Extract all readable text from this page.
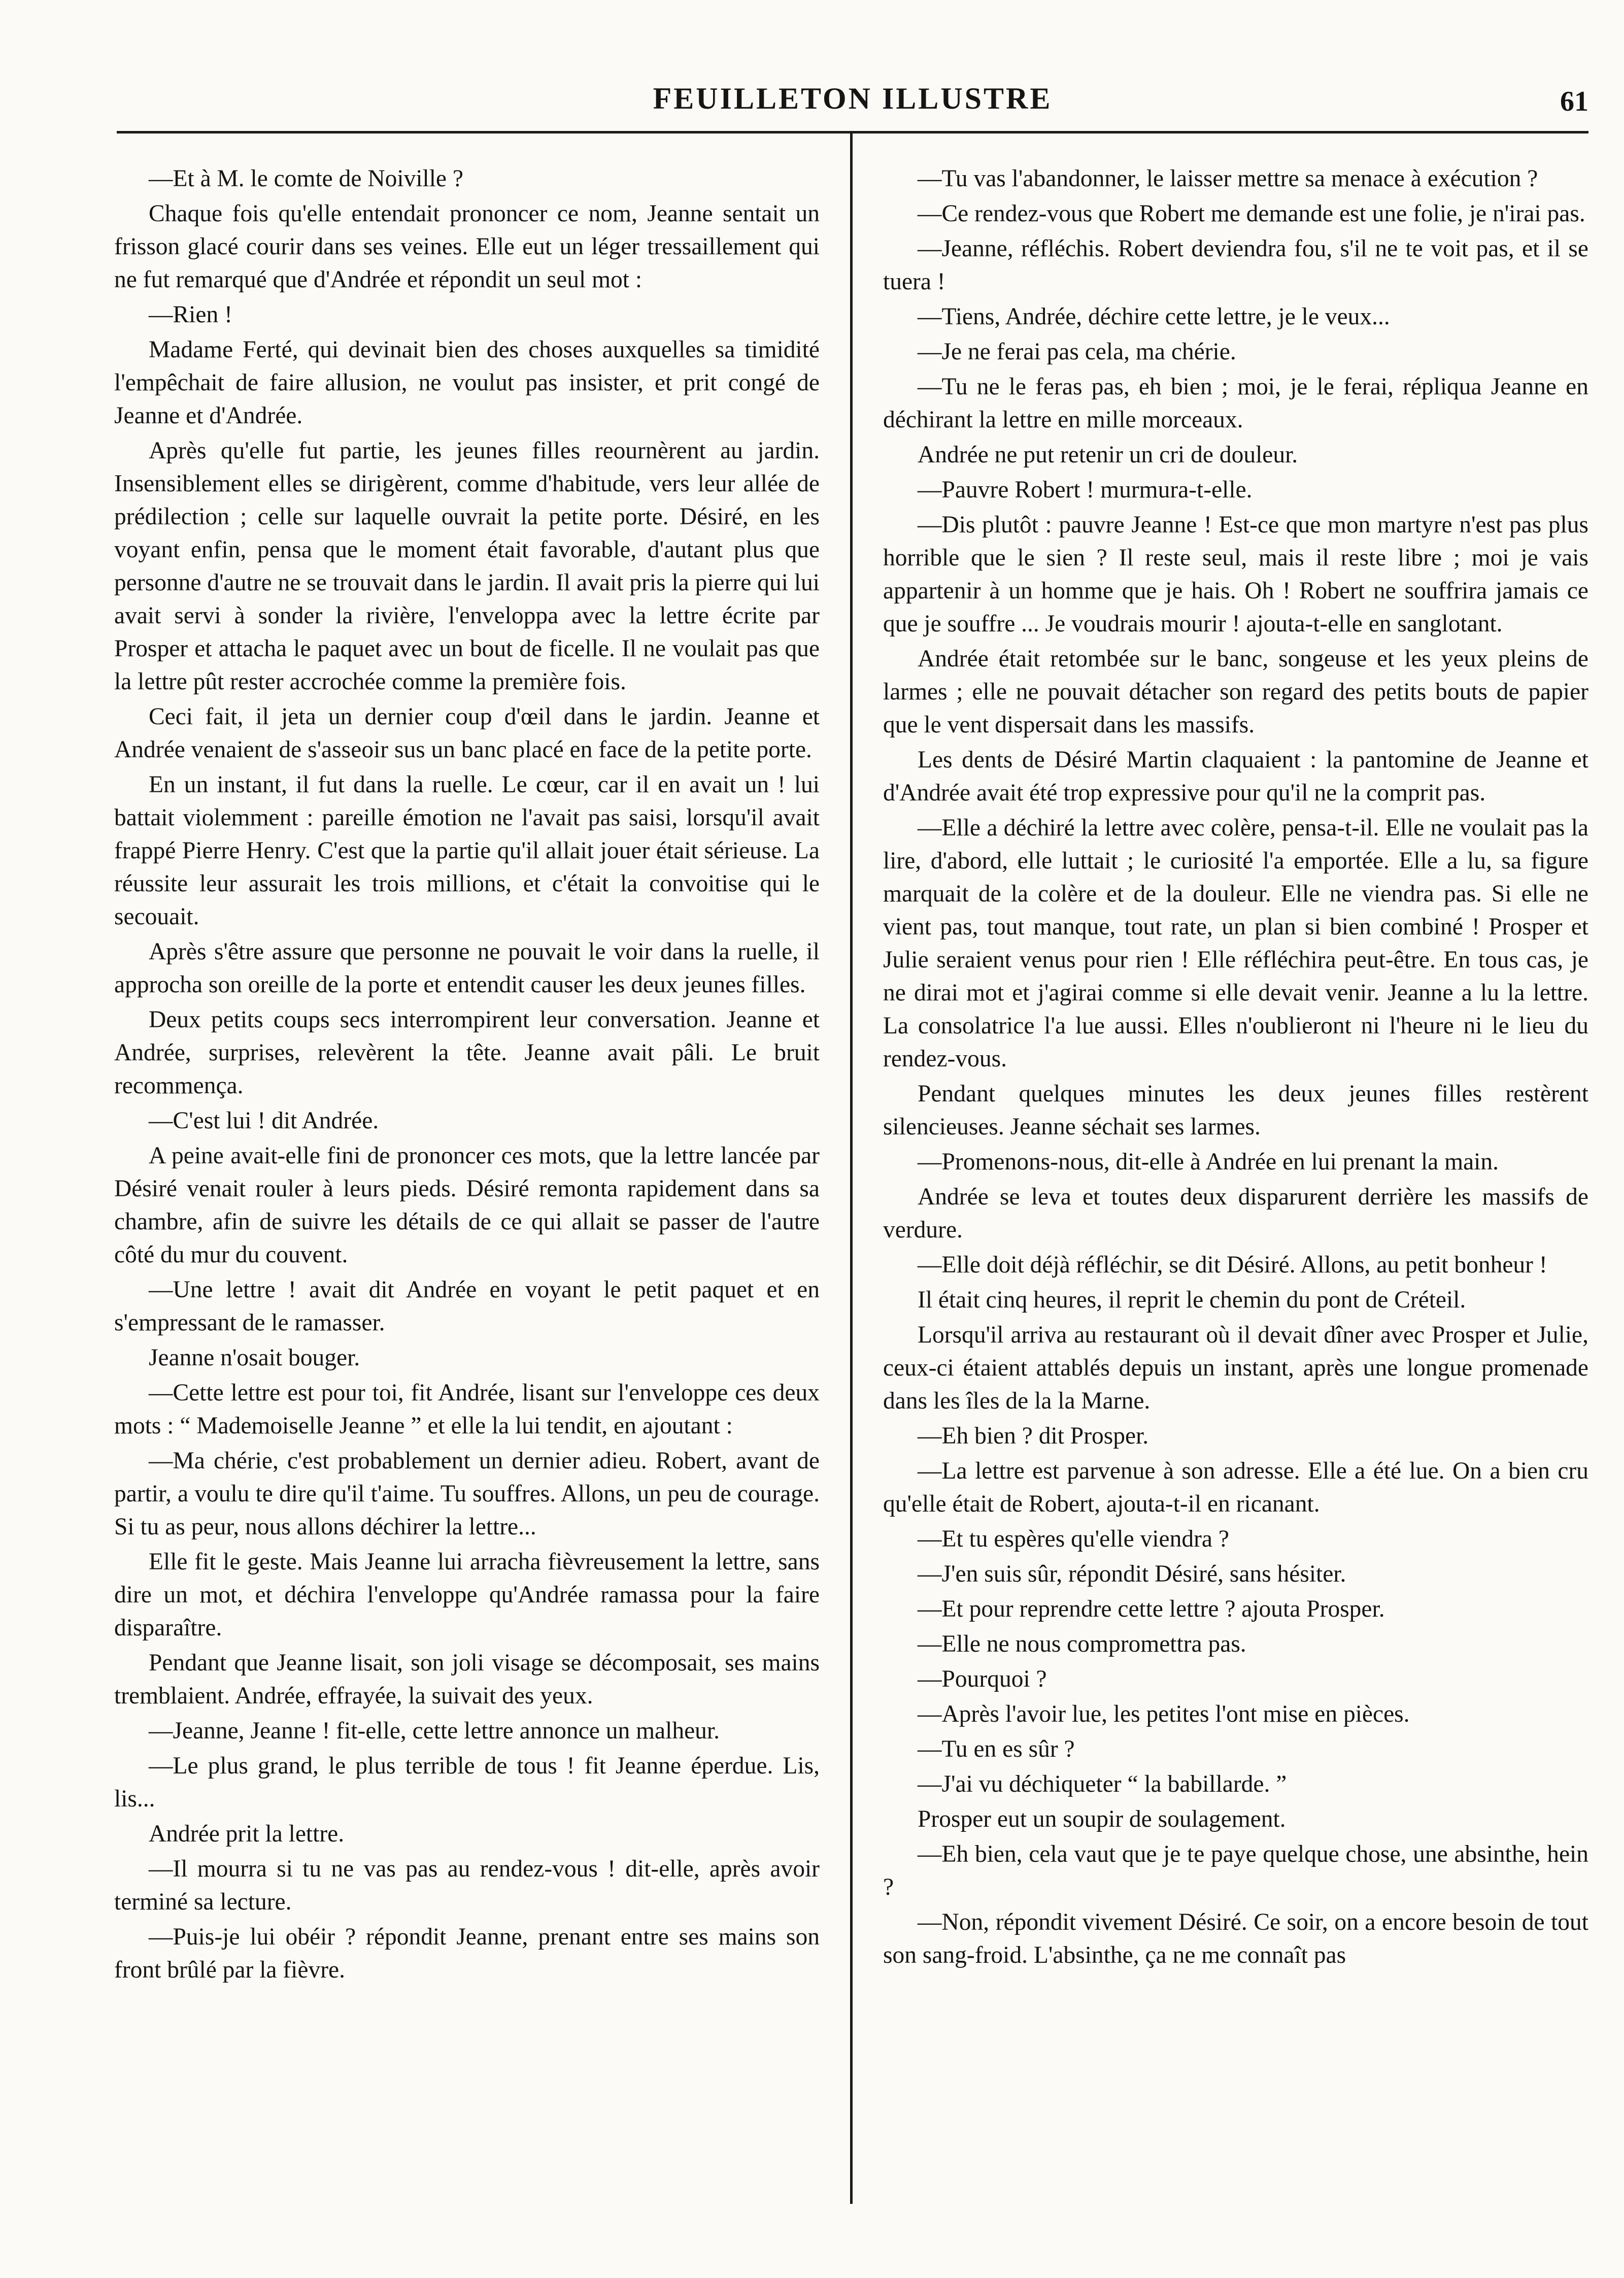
FEUILLETON ILLUSTRE	61

—Et à M. le comte de Noiville ?

Chaque fois qu'elle entendait prononcer ce nom, Jeanne sentait un frisson glacé courir dans ses veines. Elle eut un léger tressaillement qui ne fut remarqué que d'Andrée et répondit un seul mot :

—Rien !

Madame Ferté, qui devinait bien des choses auxquelles sa timidité l'empêchait de faire allusion, ne voulut pas insister, et prit congé de Jeanne et d'Andrée.

Après qu'elle fut partie, les jeunes filles reournèrent au jardin. Insensiblement elles se dirigèrent, comme d'habitude, vers leur allée de prédilection ; celle sur laquelle ouvrait la petite porte. Désiré, en les voyant enfin, pensa que le moment était favorable, d'autant plus que personne d'autre ne se trouvait dans le jardin. Il avait pris la pierre qui lui avait servi à sonder la rivière, l'enveloppa avec la lettre écrite par Prosper et attacha le paquet avec un bout de ficelle. Il ne voulait pas que la lettre pût rester accrochée comme la première fois.

Ceci fait, il jeta un dernier coup d'œil dans le jardin. Jeanne et Andrée venaient de s'asseoir sus un banc placé en face de la petite porte.

En un instant, il fut dans la ruelle. Le cœur, car il en avait un ! lui battait violemment : pareille émotion ne l'avait pas saisi, lorsqu'il avait frappé Pierre Henry. C'est que la partie qu'il allait jouer était sérieuse. La réussite leur assurait les trois millions, et c'était la convoitise qui le secouait.

Après s'être assure que personne ne pouvait le voir dans la ruelle, il approcha son oreille de la porte et entendit causer les deux jeunes filles.

Deux petits coups secs interrompirent leur conversation. Jeanne et Andrée, surprises, relevèrent la tête. Jeanne avait pâli. Le bruit recommença.

—C'est lui ! dit Andrée.

A peine avait-elle fini de prononcer ces mots, que la lettre lancée par Désiré venait rouler à leurs pieds. Désiré remonta rapidement dans sa chambre, afin de suivre les détails de ce qui allait se passer de l'autre côté du mur du couvent.

—Une lettre ! avait dit Andrée en voyant le petit paquet et en s'empressant de le ramasser.

Jeanne n'osait bouger.

—Cette lettre est pour toi, fit Andrée, lisant sur l'enveloppe ces deux mots : “ Mademoiselle Jeanne ” et elle la lui tendit, en ajoutant :

—Ma chérie, c'est probablement un dernier adieu. Robert, avant de partir, a voulu te dire qu'il t'aime. Tu souffres. Allons, un peu de courage. Si tu as peur, nous allons déchirer la lettre...

Elle fit le geste. Mais Jeanne lui arracha fièvreusement la lettre, sans dire un mot, et déchira l'enveloppe qu'Andrée ramassa pour la faire disparaître.

Pendant que Jeanne lisait, son joli visage se décomposait, ses mains tremblaient. Andrée, effrayée, la suivait des yeux.

—Jeanne, Jeanne ! fit-elle, cette lettre annonce un malheur.

—Le plus grand, le plus terrible de tous ! fit Jeanne éperdue. Lis, lis...

Andrée prit la lettre.

—Il mourra si tu ne vas pas au rendez-vous ! dit-elle, après avoir terminé sa lecture.

—Puis-je lui obéir ? répondit Jeanne, prenant entre ses mains son front brûlé par la fièvre.

—Tu vas l'abandonner, le laisser mettre sa menace à exécution ?

—Ce rendez-vous que Robert me demande est une folie, je n'irai pas.

—Jeanne, réfléchis. Robert deviendra fou, s'il ne te voit pas, et il se tuera !

—Tiens, Andrée, déchire cette lettre, je le veux...

—Je ne ferai pas cela, ma chérie.

—Tu ne le feras pas, eh bien ; moi, je le ferai, répliqua Jeanne en déchirant la lettre en mille morceaux.

Andrée ne put retenir un cri de douleur.

—Pauvre Robert ! murmura-t-elle.

—Dis plutôt : pauvre Jeanne ! Est-ce que mon martyre n'est pas plus horrible que le sien ? Il reste seul, mais il reste libre ; moi je vais appartenir à un homme que je hais. Oh ! Robert ne souffrira jamais ce que je souffre ... Je voudrais mourir ! ajouta-t-elle en sanglotant.

Andrée était retombée sur le banc, songeuse et les yeux pleins de larmes ; elle ne pouvait détacher son regard des petits bouts de papier que le vent dispersait dans les massifs.

Les dents de Désiré Martin claquaient : la pantomine de Jeanne et d'Andrée avait été trop expressive pour qu'il ne la comprit pas.

—Elle a déchiré la lettre avec colère, pensa-t-il. Elle ne voulait pas la lire, d'abord, elle luttait ; le curiosité l'a emportée. Elle a lu, sa figure marquait de la colère et de la douleur. Elle ne viendra pas. Si elle ne vient pas, tout manque, tout rate, un plan si bien combiné ! Prosper et Julie seraient venus pour rien ! Elle réfléchira peut-être. En tous cas, je ne dirai mot et j'agirai comme si elle devait venir. Jeanne a lu la lettre. La consolatrice l'a lue aussi. Elles n'oublieront ni l'heure ni le lieu du rendez-vous.

Pendant quelques minutes les deux jeunes filles restèrent silencieuses. Jeanne séchait ses larmes.

—Promenons-nous, dit-elle à Andrée en lui prenant la main.

Andrée se leva et toutes deux disparurent derrière les massifs de verdure.

—Elle doit déjà réfléchir, se dit Désiré. Allons, au petit bonheur !

Il était cinq heures, il reprit le chemin du pont de Créteil.

Lorsqu'il arriva au restaurant où il devait dîner avec Prosper et Julie, ceux-ci étaient attablés depuis un instant, après une longue promenade dans les îles de la la Marne.

—Eh bien ? dit Prosper.

—La lettre est parvenue à son adresse. Elle a été lue. On a bien cru qu'elle était de Robert, ajouta-t-il en ricanant.

—Et tu espères qu'elle viendra ?

—J'en suis sûr, répondit Désiré, sans hésiter.

—Et pour reprendre cette lettre ? ajouta Prosper.

—Elle ne nous compromettra pas.

—Pourquoi ?

—Après l'avoir lue, les petites l'ont mise en pièces.

—Tu en es sûr ?

—J'ai vu déchiqueter “ la babillarde. ”

Prosper eut un soupir de soulagement.

—Eh bien, cela vaut que je te paye quelque chose, une absinthe, hein ?

—Non, répondit vivement Désiré. Ce soir, on a encore besoin de tout son sang-froid. L'absinthe, ça ne me connaît pas
